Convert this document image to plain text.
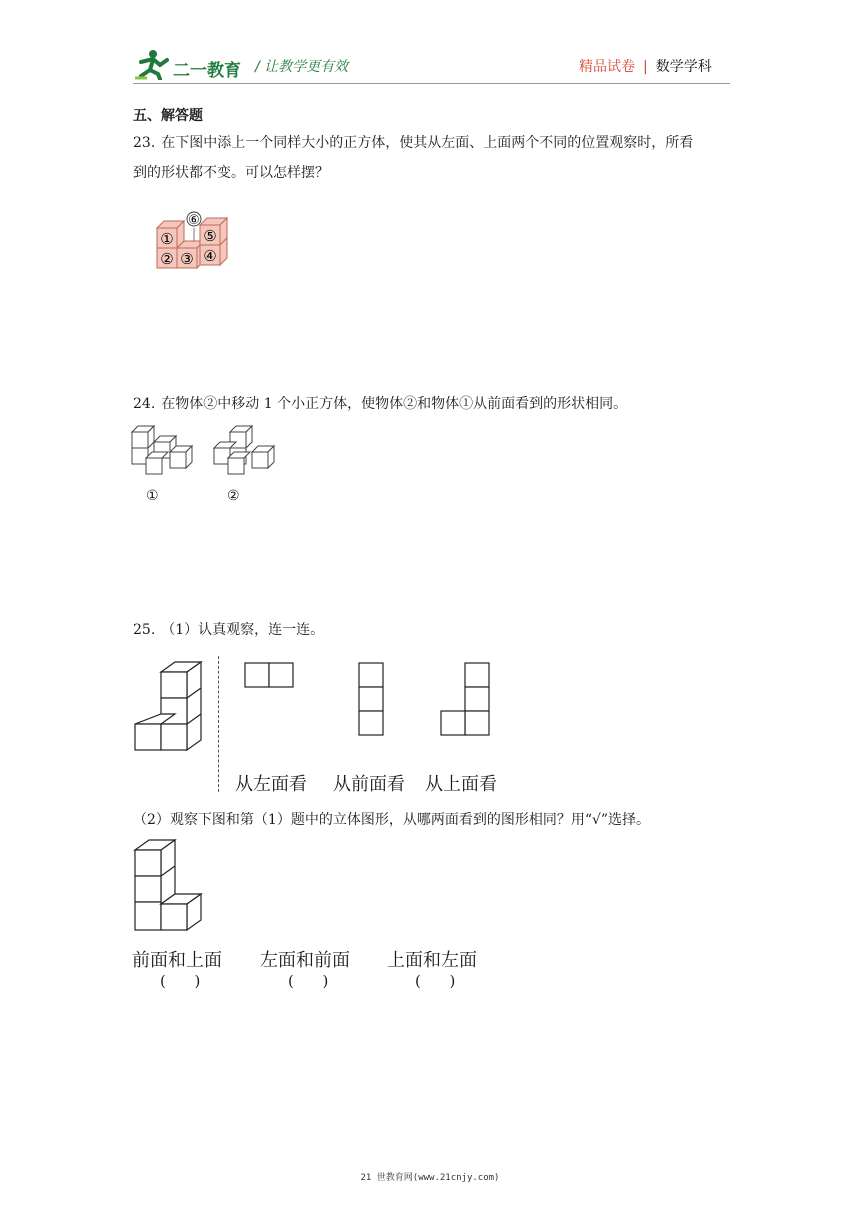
二一教育 / 让教学更有效	精品试卷 | 数学学科
五、解答题
23. 在下图中添上一个同样大小的正方体，使其从左面、上面两个不同的位置观察时，所看
到的形状都不变。可以怎样摆？
⑥
①
② ③ ④
⑤
24. 在物体②中移动 1 个小正方体，使物体②和物体①从前面看到的形状相同。
①	②
25. （1）认真观察，连一连。
从左面看 从前面看 从上面看
（2）观察下图和第（1）题中的立体图形，从哪两面看到的图形相同？用“√”选择。
前面和上面 左面和前面 上面和左面
(      )	(      )	(      )
21 世教育网(www.21cnjy.com)
